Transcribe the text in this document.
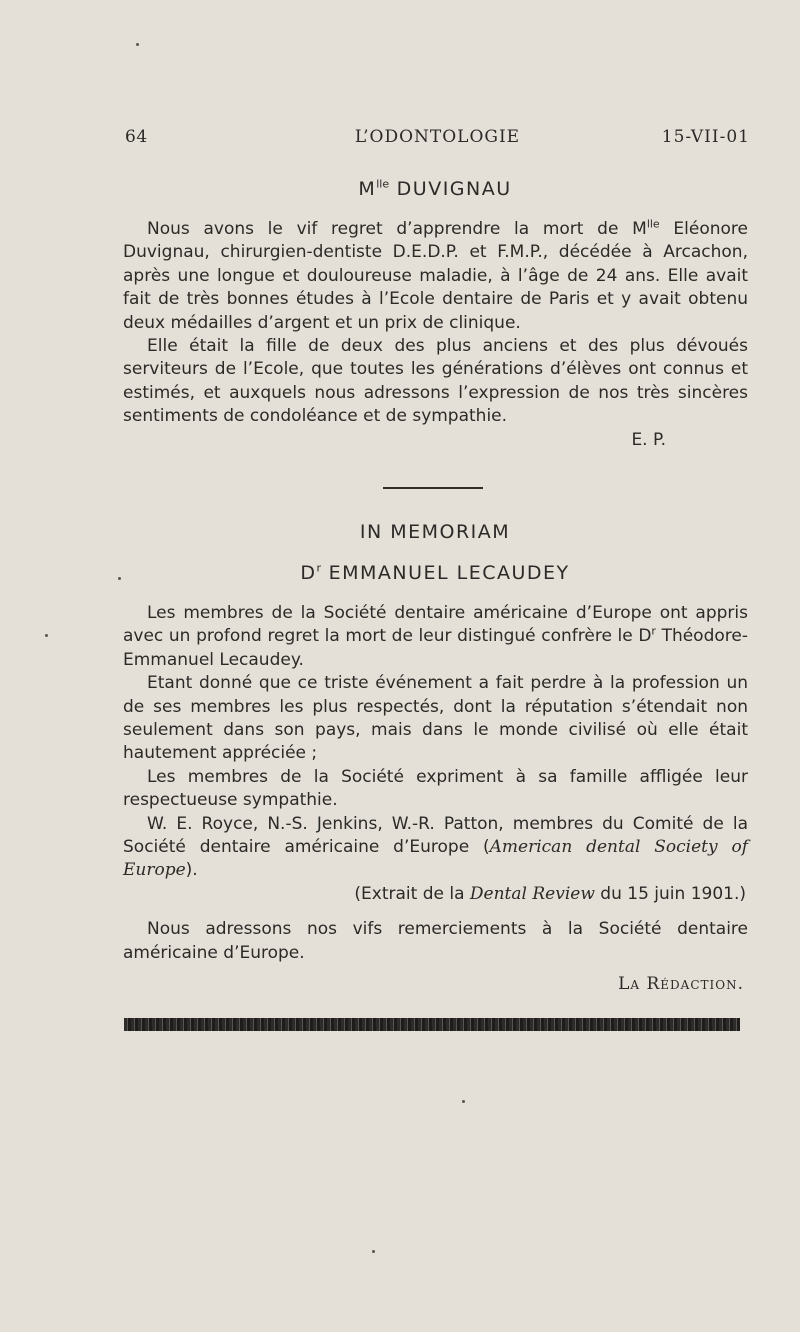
64	L’ODONTOLOGIE	15-VII-01
$M^{lle}$ DUVIGNAU

Nous avons le vif regret d’apprendre la mort de $M^{lle}$ Eléonore Duvignau, chirurgien-dentiste D.E.D.P. et F.M.P., décédée à Arcachon, après une longue et douloureuse maladie, à l’âge de 24 ans. Elle avait fait de très bonnes études à l’Ecole dentaire de Paris et y avait obtenu deux médailles d’argent et un prix de clinique.

Elle était la fille de deux des plus anciens et des plus dévoués serviteurs de l’Ecole, que toutes les générations d’élèves ont connus et estimés, et auxquels nous adressons l’expression de nos très sincères sentiments de condoléance et de sympathie.

E. P.

IN MEMORIAM
$D^r$ EMMANUEL LECAUDEY

Les membres de la Société dentaire américaine d’Europe ont appris avec un profond regret la mort de leur distingué confrère le $D^r$ Théodore-Emmanuel Lecaudey.

Etant donné que ce triste événement a fait perdre à la profession un de ses membres les plus respectés, dont la réputation s’étendait non seulement dans son pays, mais dans le monde civilisé où elle était hautement appréciée ;

Les membres de la Société expriment à sa famille affligée leur respectueuse sympathie.

W. E. Royce, N.-S. Jenkins, W.-R. Patton, membres du Comité de la Société dentaire américaine d’Europe (American dental Society of Europe).

(Extrait de la Dental Review du 15 juin 1901.)

Nous adressons nos vifs remerciements à la Société dentaire américaine d’Europe.

La Rédaction.
